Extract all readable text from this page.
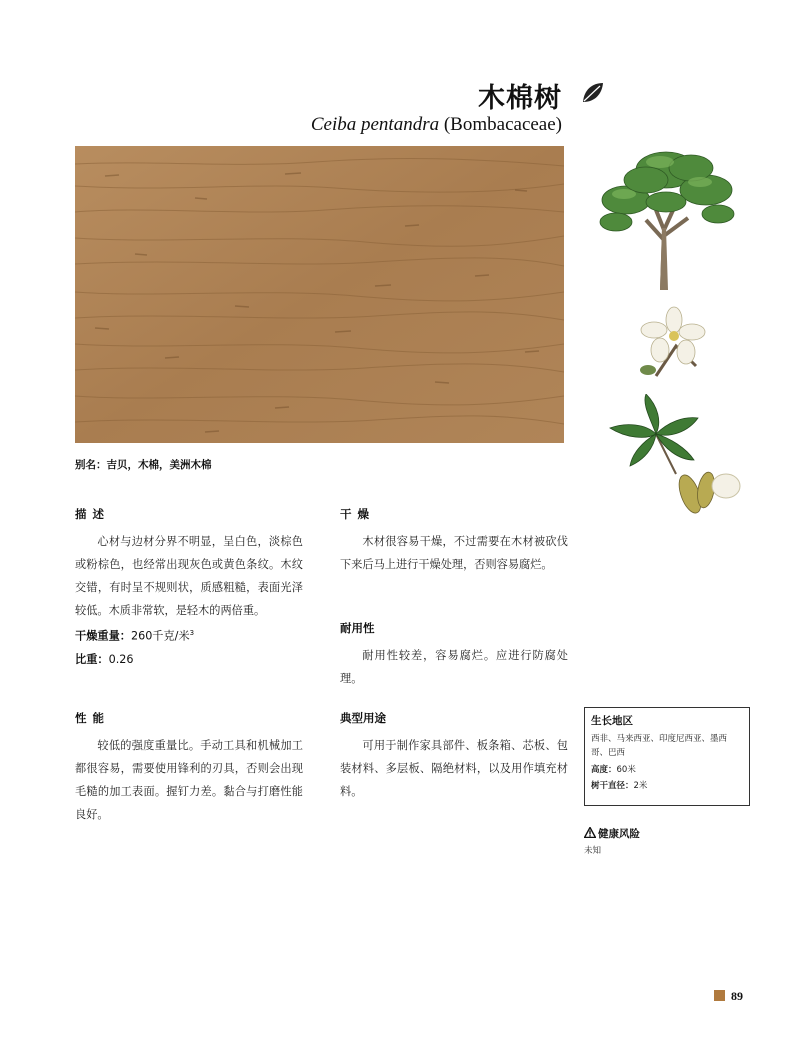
木棉树
Ceiba pentandra (Bombacaceae)
别名：吉贝，木棉，美洲木棉
描述

心材与边材分界不明显，呈白色，淡棕色或粉棕色，也经常出现灰色或黄色条纹。木纹交错，有时呈不规则状，质感粗糙，表面光泽较低。木质非常软，是轻木的两倍重。

干燥重量：260千克/米$^3$
比重：0.26
性能

较低的强度重量比。手动工具和机械加工都很容易，需要使用锋利的刃具，否则会出现毛糙的加工表面。握钉力差。黏合与打磨性能良好。

干燥

木材很容易干燥，不过需要在木材被砍伐下来后马上进行干燥处理，否则容易腐烂。

耐用性

耐用性较差，容易腐烂。应进行防腐处理。

典型用途

可用于制作家具部件、板条箱、芯板、包装材料、多层板、隔绝材料，以及用作填充材料。

生长地区
西非、马来西亚、印度尼西亚、墨西哥、巴西
高度：60米
树干直径：2米
健康风险
未知
89
